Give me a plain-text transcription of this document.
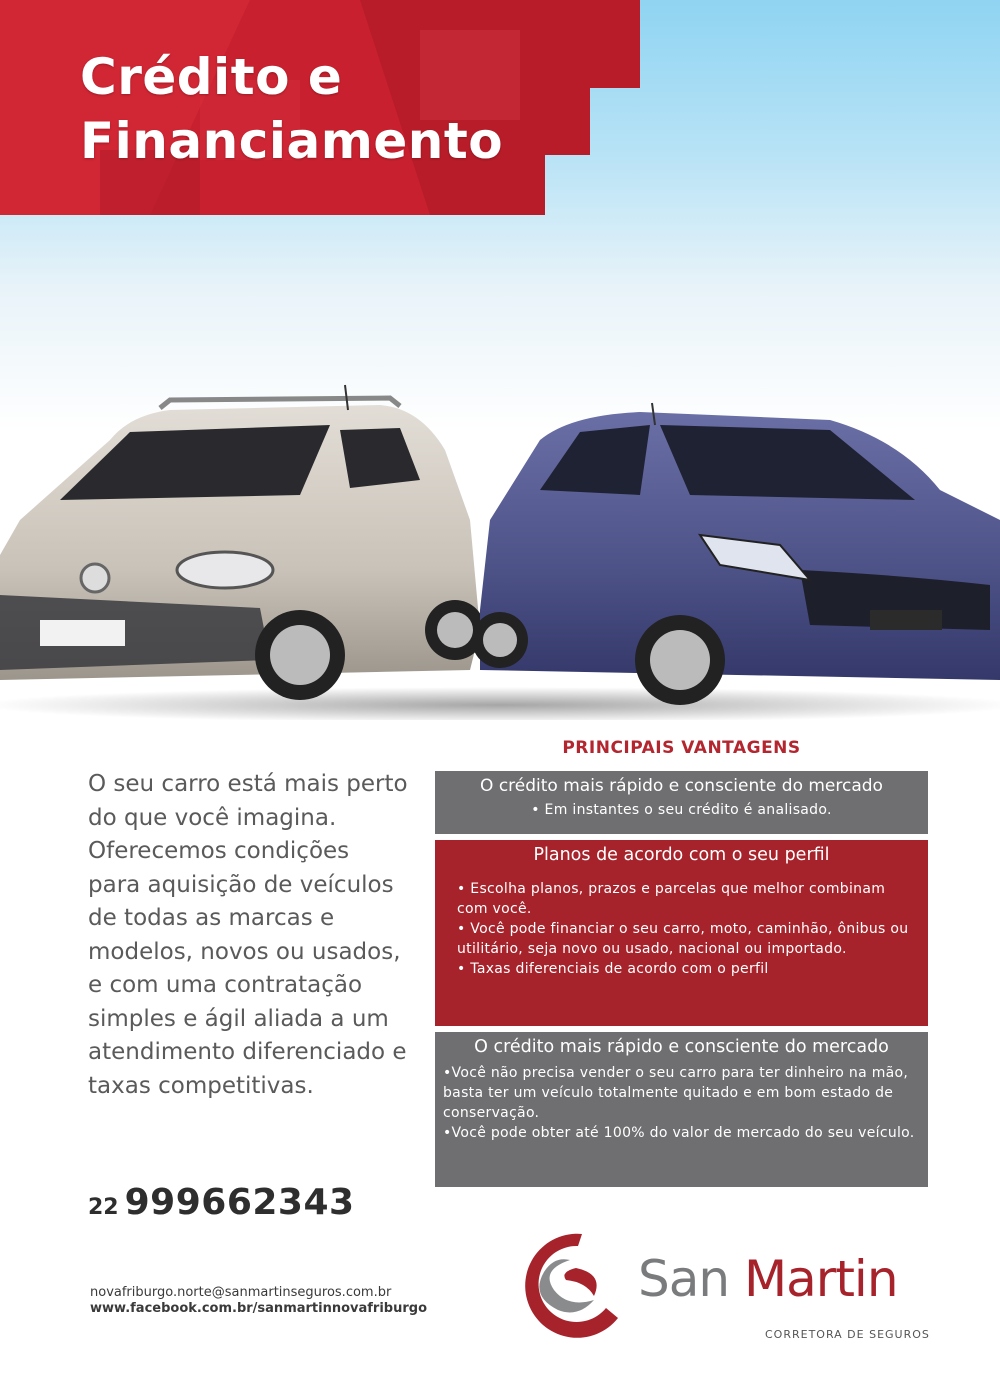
Crédito e
Financiamento
O seu carro está mais perto do que você imagina. Oferecemos condições para aquisição de veículos de todas as marcas e modelos, novos ou usados, e com uma contratação simples e ágil aliada a um atendimento diferenciado e taxas competitivas.
22 999662343
novafriburgo.norte@sanmartinseguros.com.br
www.facebook.com.br/sanmartinnovafriburgo
PRINCIPAIS VANTAGENS
O crédito mais rápido e consciente do mercado
• Em instantes o seu crédito é analisado.
Planos de acordo com o seu perfil
• Escolha planos, prazos e parcelas que melhor combinam com você.
• Você pode financiar o seu carro, moto, caminhão, ônibus ou utilitário, seja novo ou usado, nacional ou importado.
• Taxas diferenciais de acordo com o perfil
O crédito mais rápido e consciente do mercado
•Você não precisa vender o seu carro para ter dinheiro na mão, basta ter um veículo totalmente quitado e em bom estado de conservação.
•Você pode obter até 100% do valor de mercado do seu veículo.
San Martin
CORRETORA DE SEGUROS
